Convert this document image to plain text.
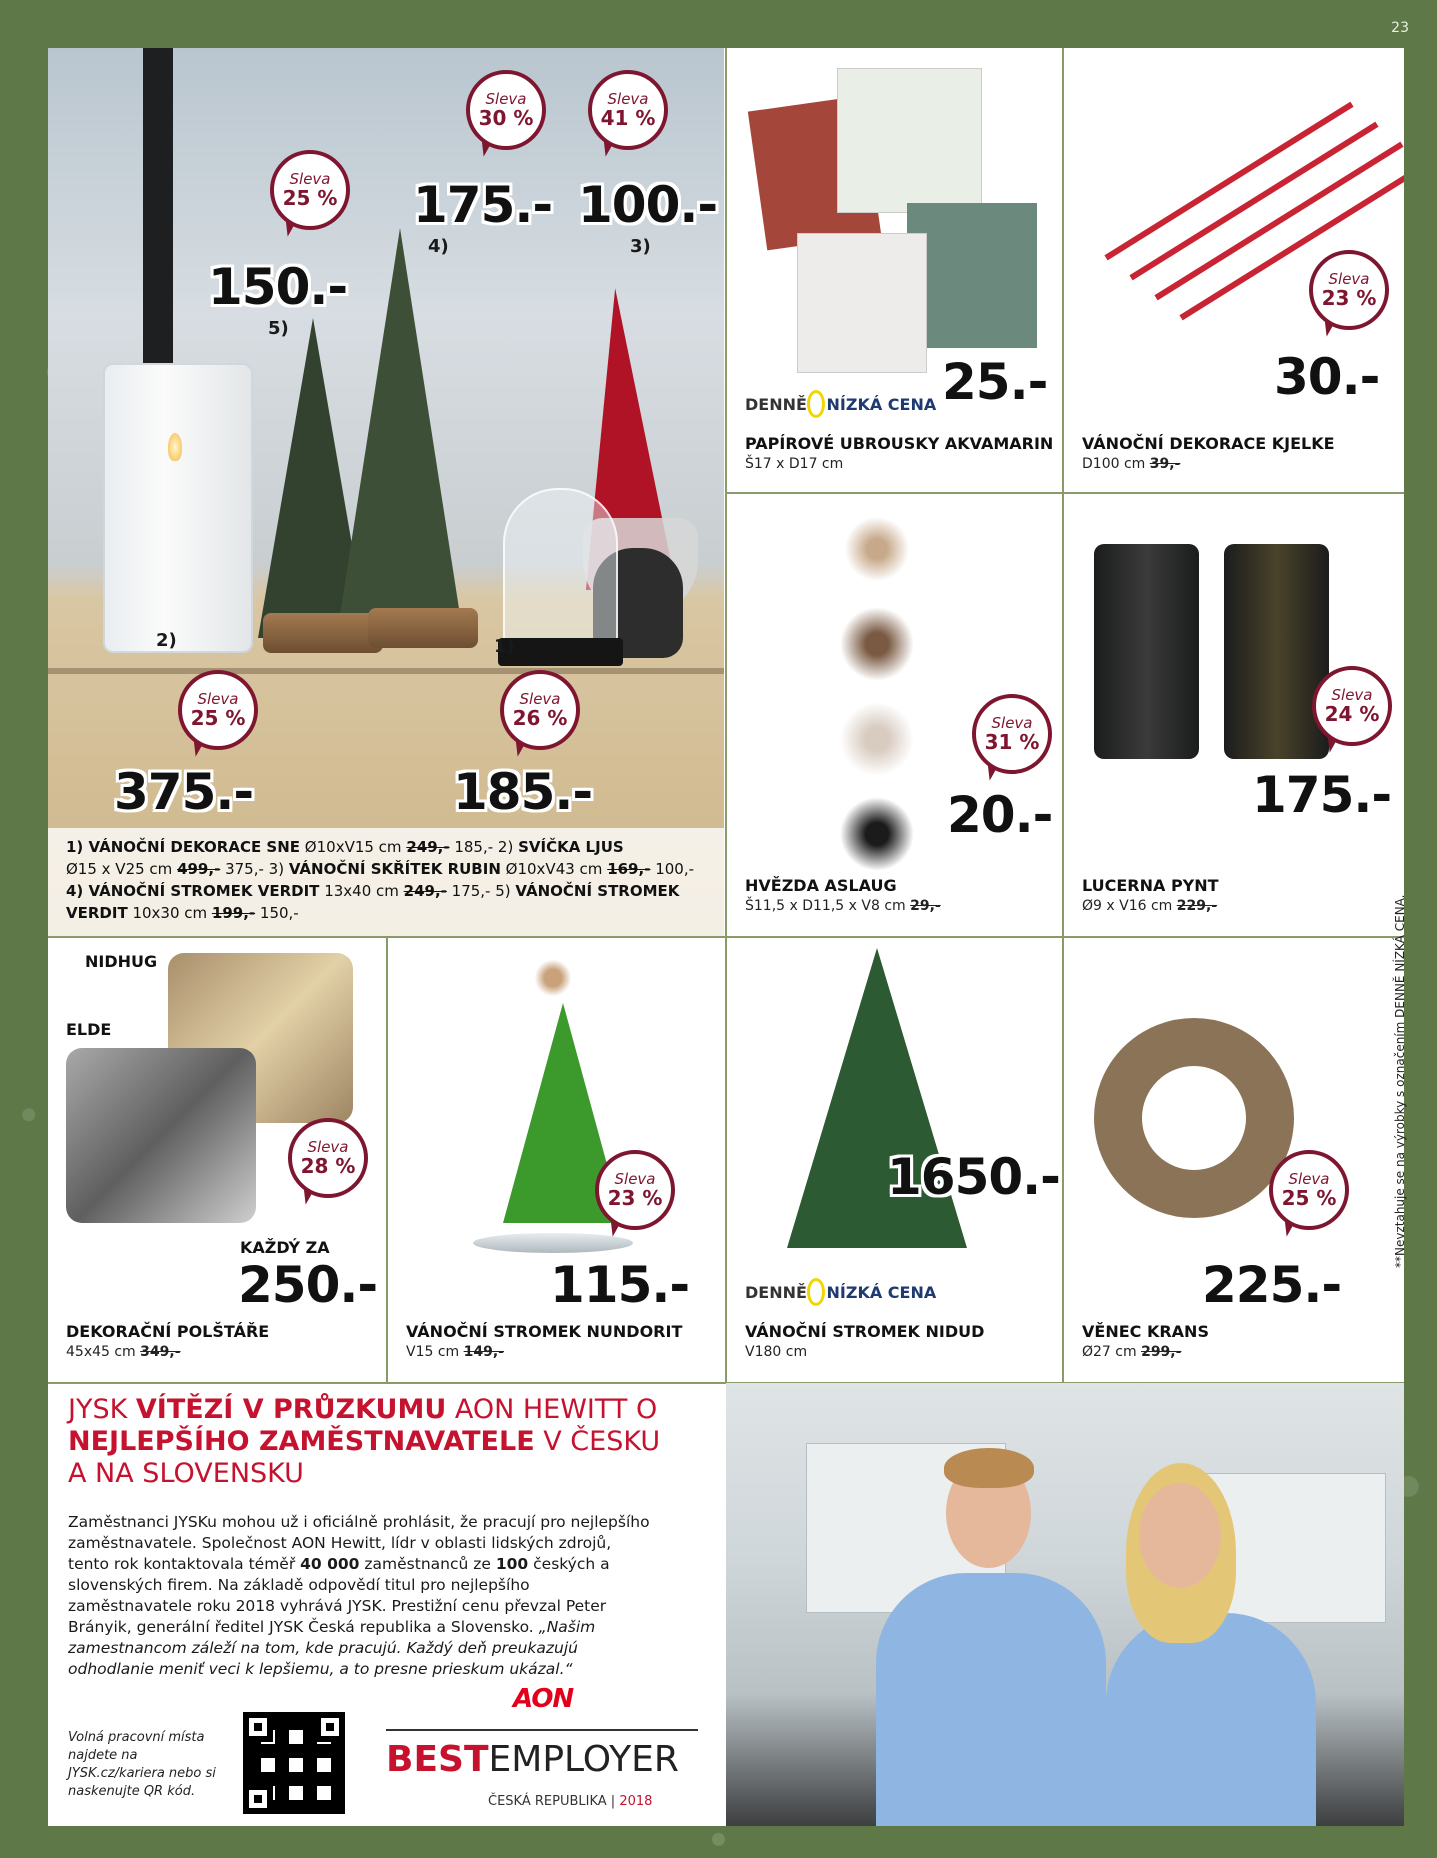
23
Sleva
25 %
Sleva
30 %
Sleva
41 %
Sleva
25 %
Sleva
26 %
150.-
175.- 100.-
375.-	185.-
5)
4)	3)
2)	1)
1) VÁNOČNÍ DEKORACE SNE Ø10xV15 cm 249,- 185,- 2) SVÍČKA LJUS
Ø15 x V25 cm 499,- 375,- 3) VÁNOČNÍ SKŘÍTEK RUBIN Ø10xV43 cm 169,- 100,-
4) VÁNOČNÍ STROMEK VERDIT 13x40 cm 249,- 175,- 5) VÁNOČNÍ STROMEK
VERDIT 10x30 cm 199,- 150,-
25.-
DENNĚ NÍZKÁ CENA
PAPÍROVÉ UBROUSKY AKVAMARIN
Š17 x D17 cm
Sleva
23 %
30.-
VÁNOČNÍ DEKORACE KJELKE
D100 cm 39,-
Sleva
31 %
20.-
HVĚZDA ASLAUG
Š11,5 x D11,5 x V8 cm 29,-
Sleva
24 %
175.-
LUCERNA PYNT
Ø9 x V16 cm 229,-
NIDHUG
ELDE
Sleva
28 %
KAŽDÝ ZA
250.-
DEKORAČNÍ POLŠTÁŘE
45x45 cm 349,-
Sleva
23 %
115.-
VÁNOČNÍ STROMEK NUNDORIT
V15 cm 149,-
1650.-
DENNĚ NÍZKÁ CENA
VÁNOČNÍ STROMEK NIDUD
V180 cm
Sleva
25 %
225.-
VĚNEC KRANS
Ø27 cm 299,-
**Nevztahuje se na výrobky s označením DENNĚ NÍZKÁ CENA.
JYSK VÍTĚZÍ V PRŮZKUMU AON HEWITT O
NEJLEPŠÍHO ZAMĚSTNAVATELE V ČESKU
A NA SLOVENSKU
Zaměstnanci JYSKu mohou už i oficiálně prohlásit, že pracují pro nejlepšího zaměstnavatele. Společnost AON Hewitt, lídr v oblasti lidských zdrojů, tento rok kontaktovala téměř 40 000 zaměstnanců ze 100 českých a slovenských firem. Na základě odpovědí titul pro nejlepšího zaměstnavatele roku 2018 vyhrává JYSK. Prestižní cenu převzal Peter Brányik, generální ředitel JYSK Česká republika a Slovensko. „Našim zamestnancom záleží na tom, kde pracujú. Každý deň preukazujú odhodlanie meniť veci k lepšiemu, a to presne prieskum ukázal.“
Volná pracovní místa najdete na JYSK.cz/kariera nebo si naskenujte QR kód.
AON
BESTEMPLOYER
ČESKÁ REPUBLIKA | 2018
